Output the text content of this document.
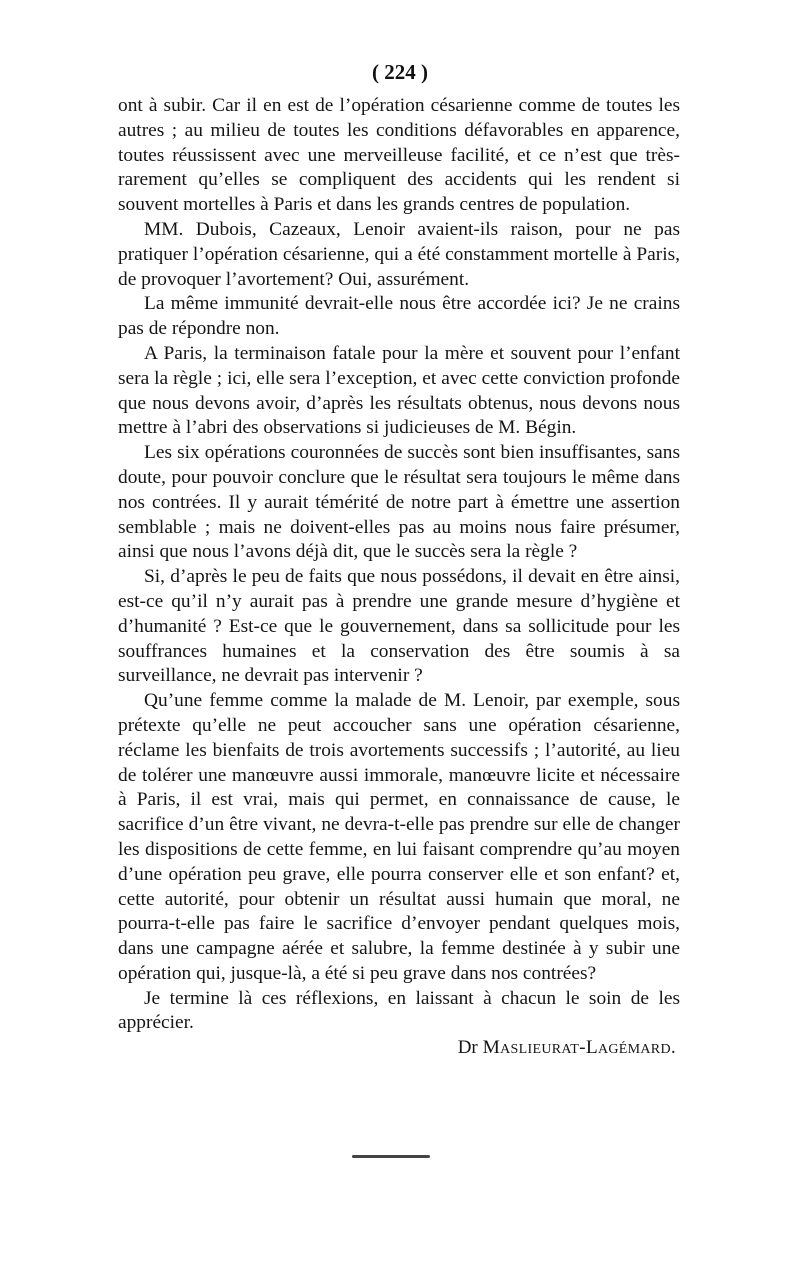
( 224 )

ont à subir. Car il en est de l’opération césarienne comme de toutes les autres ; au milieu de toutes les conditions défavorables en apparence, toutes réussissent avec une merveilleuse facilité, et ce n’est que très-rarement qu’elles se compliquent des accidents qui les rendent si souvent mortelles à Paris et dans les grands centres de population.

MM. Dubois, Cazeaux, Lenoir avaient-ils raison, pour ne pas pratiquer l’opération césarienne, qui a été constamment mortelle à Paris, de provoquer l’avortement? Oui, assurément.

La même immunité devrait-elle nous être accordée ici? Je ne crains pas de répondre non.

A Paris, la terminaison fatale pour la mère et souvent pour l’enfant sera la règle ; ici, elle sera l’exception, et avec cette conviction profonde que nous devons avoir, d’après les résultats obtenus, nous devons nous mettre à l’abri des observations si judicieuses de M. Bégin.

Les six opérations couronnées de succès sont bien insuffisantes, sans doute, pour pouvoir conclure que le résultat sera toujours le même dans nos contrées. Il y aurait témérité de notre part à émettre une assertion semblable ; mais ne doivent-elles pas au moins nous faire présumer, ainsi que nous l’avons déjà dit, que le succès sera la règle ?

Si, d’après le peu de faits que nous possédons, il devait en être ainsi, est-ce qu’il n’y aurait pas à prendre une grande mesure d’hygiène et d’humanité ? Est-ce que le gouvernement, dans sa sollicitude pour les souffrances humaines et la conservation des être soumis à sa surveillance, ne devrait pas intervenir ?

Qu’une femme comme la malade de M. Lenoir, par exemple, sous prétexte qu’elle ne peut accoucher sans une opération césarienne, réclame les bienfaits de trois avortements successifs ; l’autorité, au lieu de tolérer une manœuvre aussi immorale, manœuvre licite et nécessaire à Paris, il est vrai, mais qui permet, en connaissance de cause, le sacrifice d’un être vivant, ne devra-t-elle pas prendre sur elle de changer les dispositions de cette femme, en lui faisant comprendre qu’au moyen d’une opération peu grave, elle pourra conserver elle et son enfant? et, cette autorité, pour obtenir un résultat aussi humain que moral, ne pourra-t-elle pas faire le sacrifice d’envoyer pendant quelques mois, dans une campagne aérée et salubre, la femme destinée à y subir une opération qui, jusque-là, a été si peu grave dans nos contrées?

Je termine là ces réflexions, en laissant à chacun le soin de les apprécier.

Dr Maslieurat-Lagémard.
